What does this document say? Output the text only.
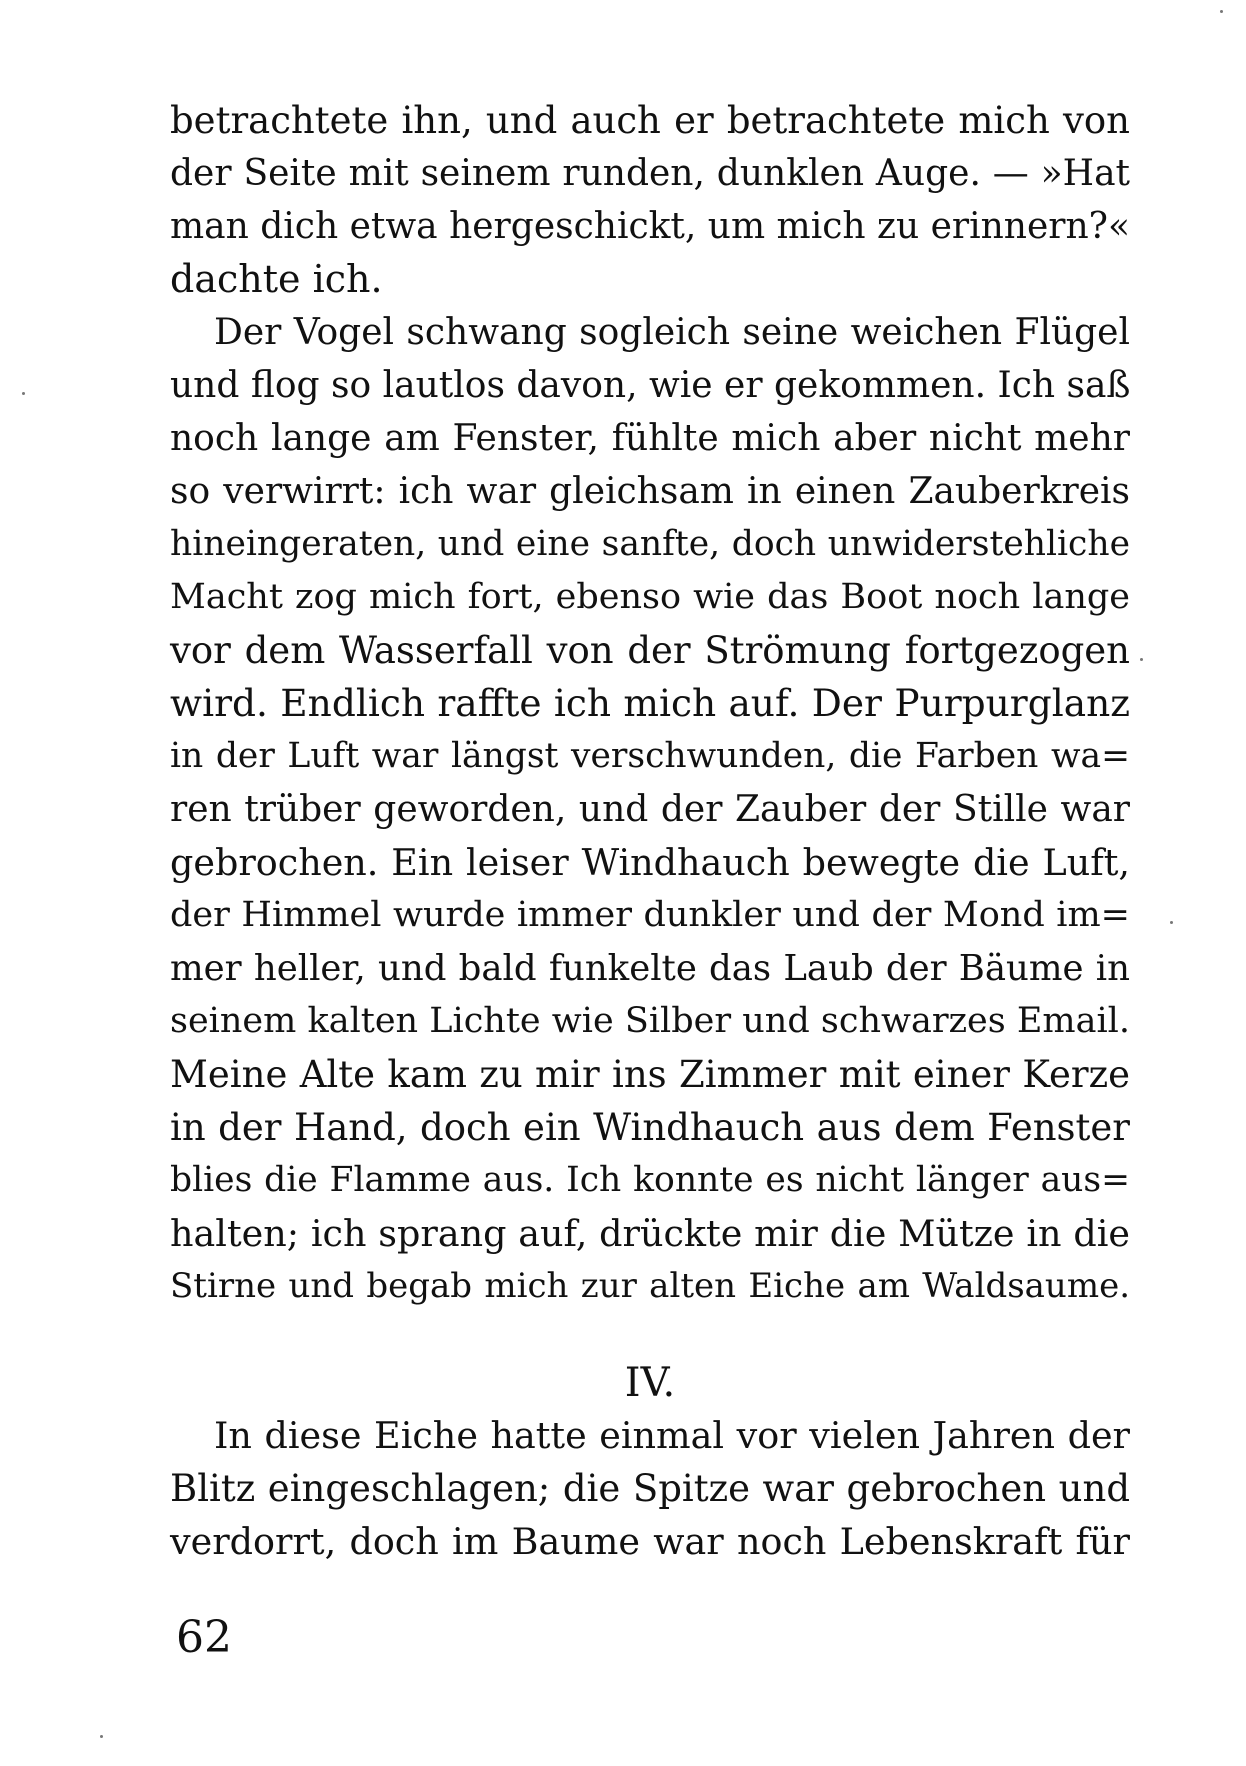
betrachtete ihn, und auch er betrachtete mich von
der Seite mit seinem runden, dunklen Auge. — »Hat
man dich etwa hergeschickt, um mich zu erinnern?«
dachte ich.
Der Vogel schwang sogleich seine weichen Flügel
und flog so lautlos davon, wie er gekommen. Ich saß
noch lange am Fenster, fühlte mich aber nicht mehr
so verwirrt: ich war gleichsam in einen Zauberkreis
hineingeraten, und eine sanfte, doch unwiderstehliche
Macht zog mich fort, ebenso wie das Boot noch lange
vor dem Wasserfall von der Strömung fortgezogen
wird. Endlich raffte ich mich auf. Der Purpurglanz
in der Luft war längst verschwunden, die Farben wa=
ren trüber geworden, und der Zauber der Stille war
gebrochen. Ein leiser Windhauch bewegte die Luft,
der Himmel wurde immer dunkler und der Mond im=
mer heller, und bald funkelte das Laub der Bäume in
seinem kalten Lichte wie Silber und schwarzes Email.
Meine Alte kam zu mir ins Zimmer mit einer Kerze
in der Hand, doch ein Windhauch aus dem Fenster
blies die Flamme aus. Ich konnte es nicht länger aus=
halten; ich sprang auf, drückte mir die Mütze in die
Stirne und begab mich zur alten Eiche am Waldsaume.
IV.
In diese Eiche hatte einmal vor vielen Jahren der
Blitz eingeschlagen; die Spitze war gebrochen und
verdorrt, doch im Baume war noch Lebenskraft für
62
